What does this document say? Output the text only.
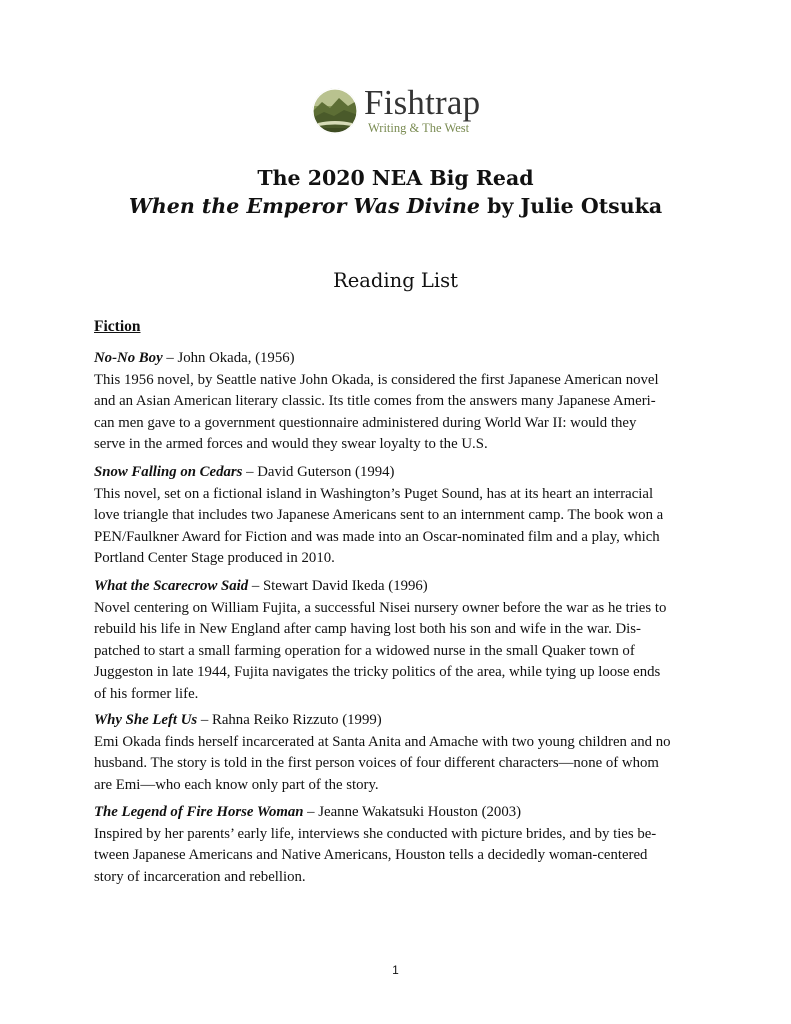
Fishtrap
Writing & The West
The 2020 NEA Big Read
When the Emperor Was Divine by Julie Otsuka
Reading List
Fiction
No-No Boy – John Okada, (1956)
This 1956 novel, by Seattle native John Okada, is considered the first Japanese American novel
and an Asian American literary classic. Its title comes from the answers many Japanese Ameri-
can men gave to a government questionnaire administered during World War II: would they
serve in the armed forces and would they swear loyalty to the U.S.
Snow Falling on Cedars – David Guterson (1994)
This novel, set on a fictional island in Washington’s Puget Sound, has at its heart an interracial
love triangle that includes two Japanese Americans sent to an internment camp. The book won a
PEN/Faulkner Award for Fiction and was made into an Oscar-nominated film and a play, which
Portland Center Stage produced in 2010.
What the Scarecrow Said – Stewart David Ikeda (1996)
Novel centering on William Fujita, a successful Nisei nursery owner before the war as he tries to
rebuild his life in New England after camp having lost both his son and wife in the war. Dis-
patched to start a small farming operation for a widowed nurse in the small Quaker town of
Juggeston in late 1944, Fujita navigates the tricky politics of the area, while tying up loose ends
of his former life.
Why She Left Us – Rahna Reiko Rizzuto (1999)
Emi Okada finds herself incarcerated at Santa Anita and Amache with two young children and no
husband. The story is told in the first person voices of four different characters—none of whom
are Emi—who each know only part of the story.
The Legend of Fire Horse Woman – Jeanne Wakatsuki Houston (2003)
Inspired by her parents’ early life, interviews she conducted with picture brides, and by ties be-
tween Japanese Americans and Native Americans, Houston tells a decidedly woman-centered
story of incarceration and rebellion.
1
